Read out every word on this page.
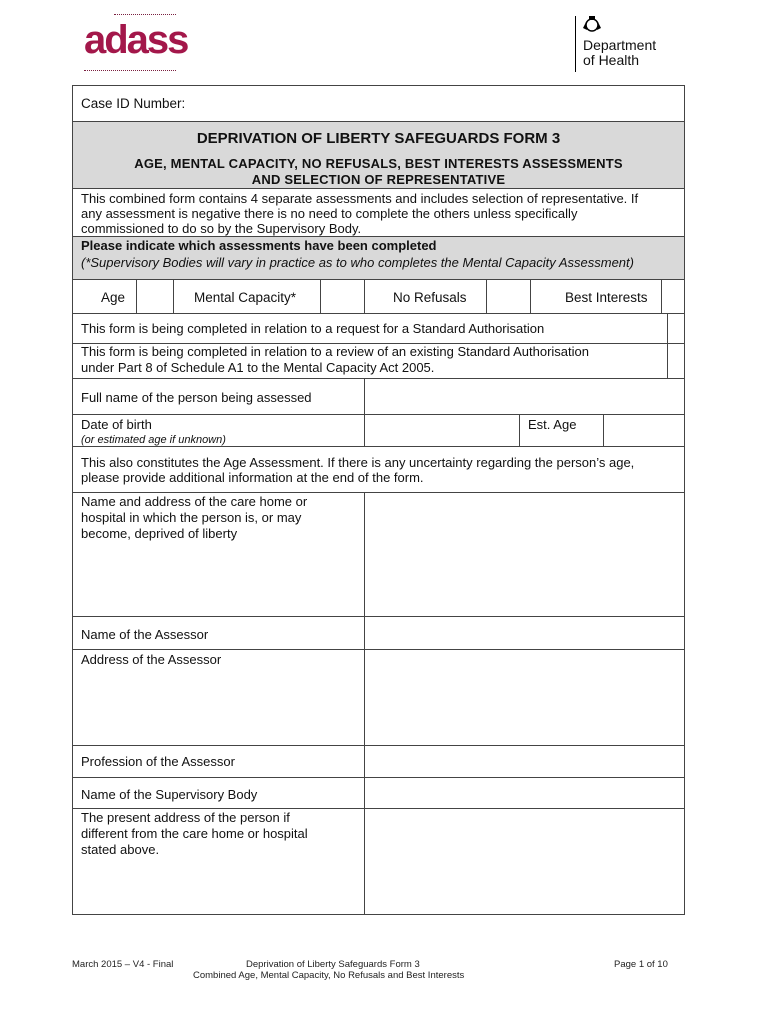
adass	Department
of Health
Case ID Number:
DEPRIVATION OF LIBERTY SAFEGUARDS FORM 3
AGE, MENTAL CAPACITY, NO REFUSALS, BEST INTERESTS ASSESSMENTS
AND SELECTION OF REPRESENTATIVE
This combined form contains 4 separate assessments and includes selection of representative. If
any assessment is negative there is no need to complete the others unless specifically
commissioned to do so by the Supervisory Body.
Please indicate which assessments have been completed
(*Supervisory Bodies will vary in practice as to who completes the Mental Capacity Assessment)
Age	Mental Capacity*	No Refusals	Best Interests
This form is being completed in relation to a request for a Standard Authorisation
This form is being completed in relation to a review of an existing Standard Authorisation
under Part 8 of Schedule A1 to the Mental Capacity Act 2005.
Full name of the person being assessed
Date of birth
(or estimated age if unknown)
Est. Age
This also constitutes the Age Assessment. If there is any uncertainty regarding the person’s age,
please provide additional information at the end of the form.
Name and address of the care home or
hospital in which the person is, or may
become, deprived of liberty
Name of the Assessor
Address of the Assessor
Profession of the Assessor
Name of the Supervisory Body
The present address of the person if
different from the care home or hospital
stated above.
March 2015 – V4 - Final	Deprivation of Liberty Safeguards Form 3
Combined Age, Mental Capacity, No Refusals and Best Interests
Page 1 of 10
